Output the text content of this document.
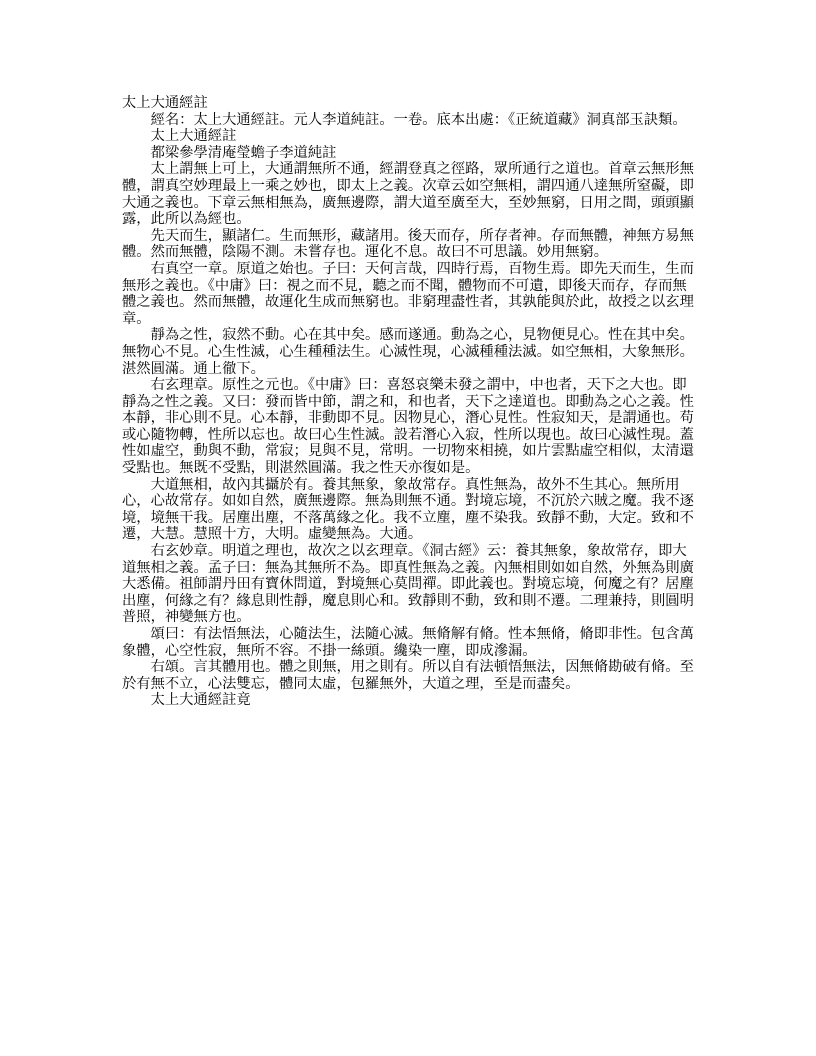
太上大通經註

經名：太上大通經註。元人李道純註。一卷。底本出處：《正統道藏》洞真部玉訣類。

太上大通經註

都梁參學清庵瑩蟾子李道純註

太上謂無上可上，大通謂無所不通，經謂登真之徑路，眾所通行之道也。首章云無形無體，謂真空妙理最上一乘之妙也，即太上之義。次章云如空無相，謂四通八達無所窒礙，即大通之義也。下章云無相無為，廣無邊際，謂大道至廣至大，至妙無窮，日用之間，頭頭顯露，此所以為經也。

先天而生，顯諸仁。生而無形，藏諸用。後天而存，所存者神。存而無體，神無方易無體。然而無體，陰陽不測。未嘗存也。運化不息。故曰不可思議。妙用無窮。

右真空一章。原道之始也。子曰：天何言哉，四時行焉，百物生焉。即先天而生，生而無形之義也。《中庸》曰：視之而不見，聽之而不聞，體物而不可遺，即後天而存，存而無體之義也。然而無體，故運化生成而無窮也。非窮理盡性者，其孰能與於此，故授之以玄理章。

靜為之性，寂然不動。心在其中矣。感而遂通。動為之心，見物便見心。性在其中矣。無物心不見。心生性滅，心生種種法生。心滅性現，心滅種種法滅。如空無相，大象無形。湛然圓滿。通上徹下。

右玄理章。原性之元也。《中庸》曰：喜怒哀樂未發之謂中，中也者，天下之大也。即靜為之性之義。又曰：發而皆中節，謂之和，和也者，天下之達道也。即動為之心之義。性本靜，非心則不見。心本靜，非動即不見。因物見心，潛心見性。性寂知天，是謂通也。苟或心隨物轉，性所以忘也。故曰心生性滅。設若潛心入寂，性所以現也。故曰心滅性現。蓋性如虛空，動與不動，常寂；見與不見，常明。一切物來相撓，如片雲點虛空相似，太清還受點也。無既不受點，則湛然圓滿。我之性天亦復如是。

大道無相，故內其攝於有。養其無象，象故常存。真性無為，故外不生其心。無所用心，心故常存。如如自然，廣無邊際。無為則無不通。對境忘境，不沉於六賊之魔。我不逐境，境無干我。居塵出塵，不落萬緣之化。我不立塵，塵不染我。致靜不動，大定。致和不遷，大慧。慧照十方，大明。虛變無為。大通。

右玄妙章。明道之理也，故次之以玄理章。《洞古經》云：養其無象，象故常存，即大道無相之義。孟子曰：無為其無所不為。即真性無為之義。內無相則如如自然，外無為則廣大悉備。祖師謂丹田有寶休問道，對境無心莫問禪。即此義也。對境忘境，何魔之有？居塵出塵，何緣之有？緣息則性靜，魔息則心和。致靜則不動，致和則不遷。二理兼持，則圓明普照，神變無方也。

頌曰：有法悟無法，心隨法生，法隨心滅。無脩解有脩。性本無脩，脩即非性。包含萬象體，心空性寂，無所不容。不掛一絲頭。纔染一塵，即成滲漏。

右頌。言其體用也。體之則無，用之則有。所以自有法頓悟無法，因無脩勘破有脩。至於有無不立，心法雙忘，體同太虛，包羅無外，大道之理，至是而盡矣。

太上大通經註竟
